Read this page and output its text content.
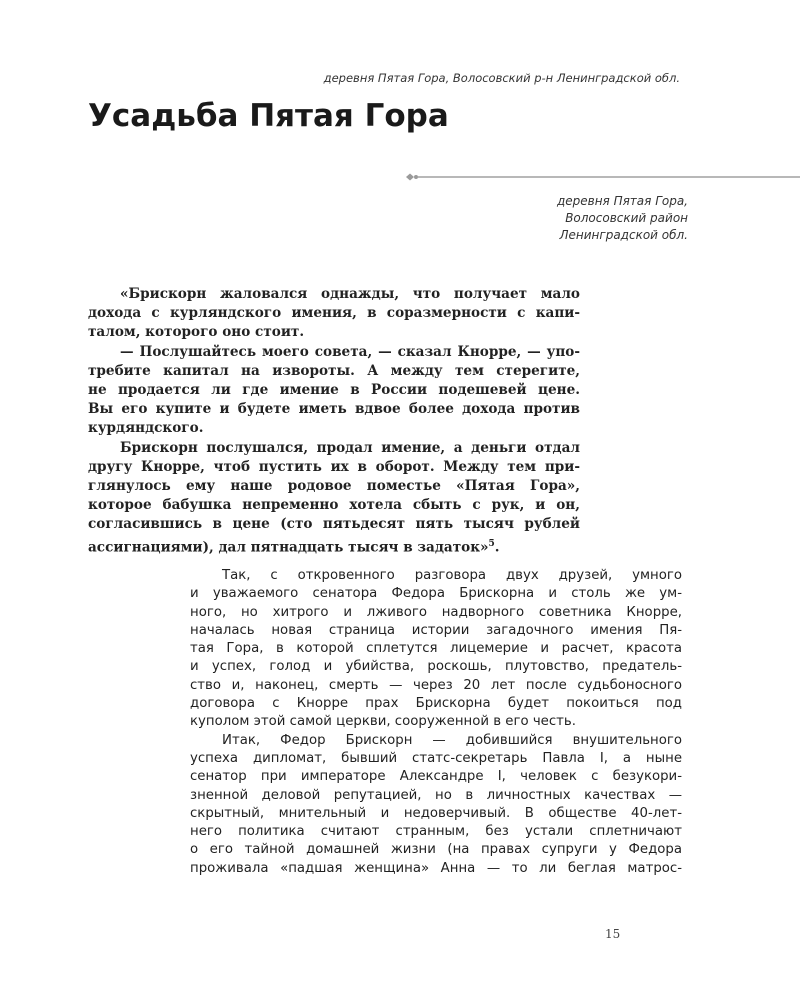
деревня Пятая Гора, Волосовский р-н Ленинградской обл.
Усадьба Пятая Гора
деревня Пятая Гора,
Волосовский район
Ленинградской обл.
«Брискорн жаловался однажды, что получает мало
дохода с курляндского имения, в соразмерности с капи-
талом, которого оно стоит.
— Послушайтесь моего совета, — сказал Кнорре, — упо-
требите капитал на извороты. А между тем стерегите,
не продается ли где имение в России подешевей цене.
Вы его купите и будете иметь вдвое более дохода против
курдяндского.
Брискорн послушался, продал имение, а деньги отдал
другу Кнорре, чтоб пустить их в оборот. Между тем при-
глянулось ему наше родовое поместье «Пятая Гора»,
которое бабушка непременно хотела сбыть с рук, и он,
согласившись в цене (сто пятьдесят пять тысяч рублей
ассигнациями), дал пятнадцать тысяч в задаток»$^5$.
Так, с откровенного разговора двух друзей, умного
и уважаемого сенатора Федора Брискорна и столь же ум-
ного, но хитрого и лживого надворного советника Кнорре,
началась новая страница истории загадочного имения Пя-
тая Гора, в которой сплетутся лицемерие и расчет, красота
и успех, голод и убийства, роскошь, плутовство, предатель-
ство и, наконец, смерть — через 20 лет после судьбоносного
договора с Кнорре прах Брискорна будет покоиться под
куполом этой самой церкви, сооруженной в его честь.
Итак, Федор Брискорн — добившийся внушительного
успеха дипломат, бывший статс-секретарь Павла I, а ныне
сенатор при императоре Александре I, человек с безукори-
зненной деловой репутацией, но в личностных качествах —
скрытный, мнительный и недоверчивый. В обществе 40-лет-
него политика считают странным, без устали сплетничают
о его тайной домашней жизни (на правах супруги у Федора
проживала «падшая женщина» Анна — то ли беглая матрос-
15
